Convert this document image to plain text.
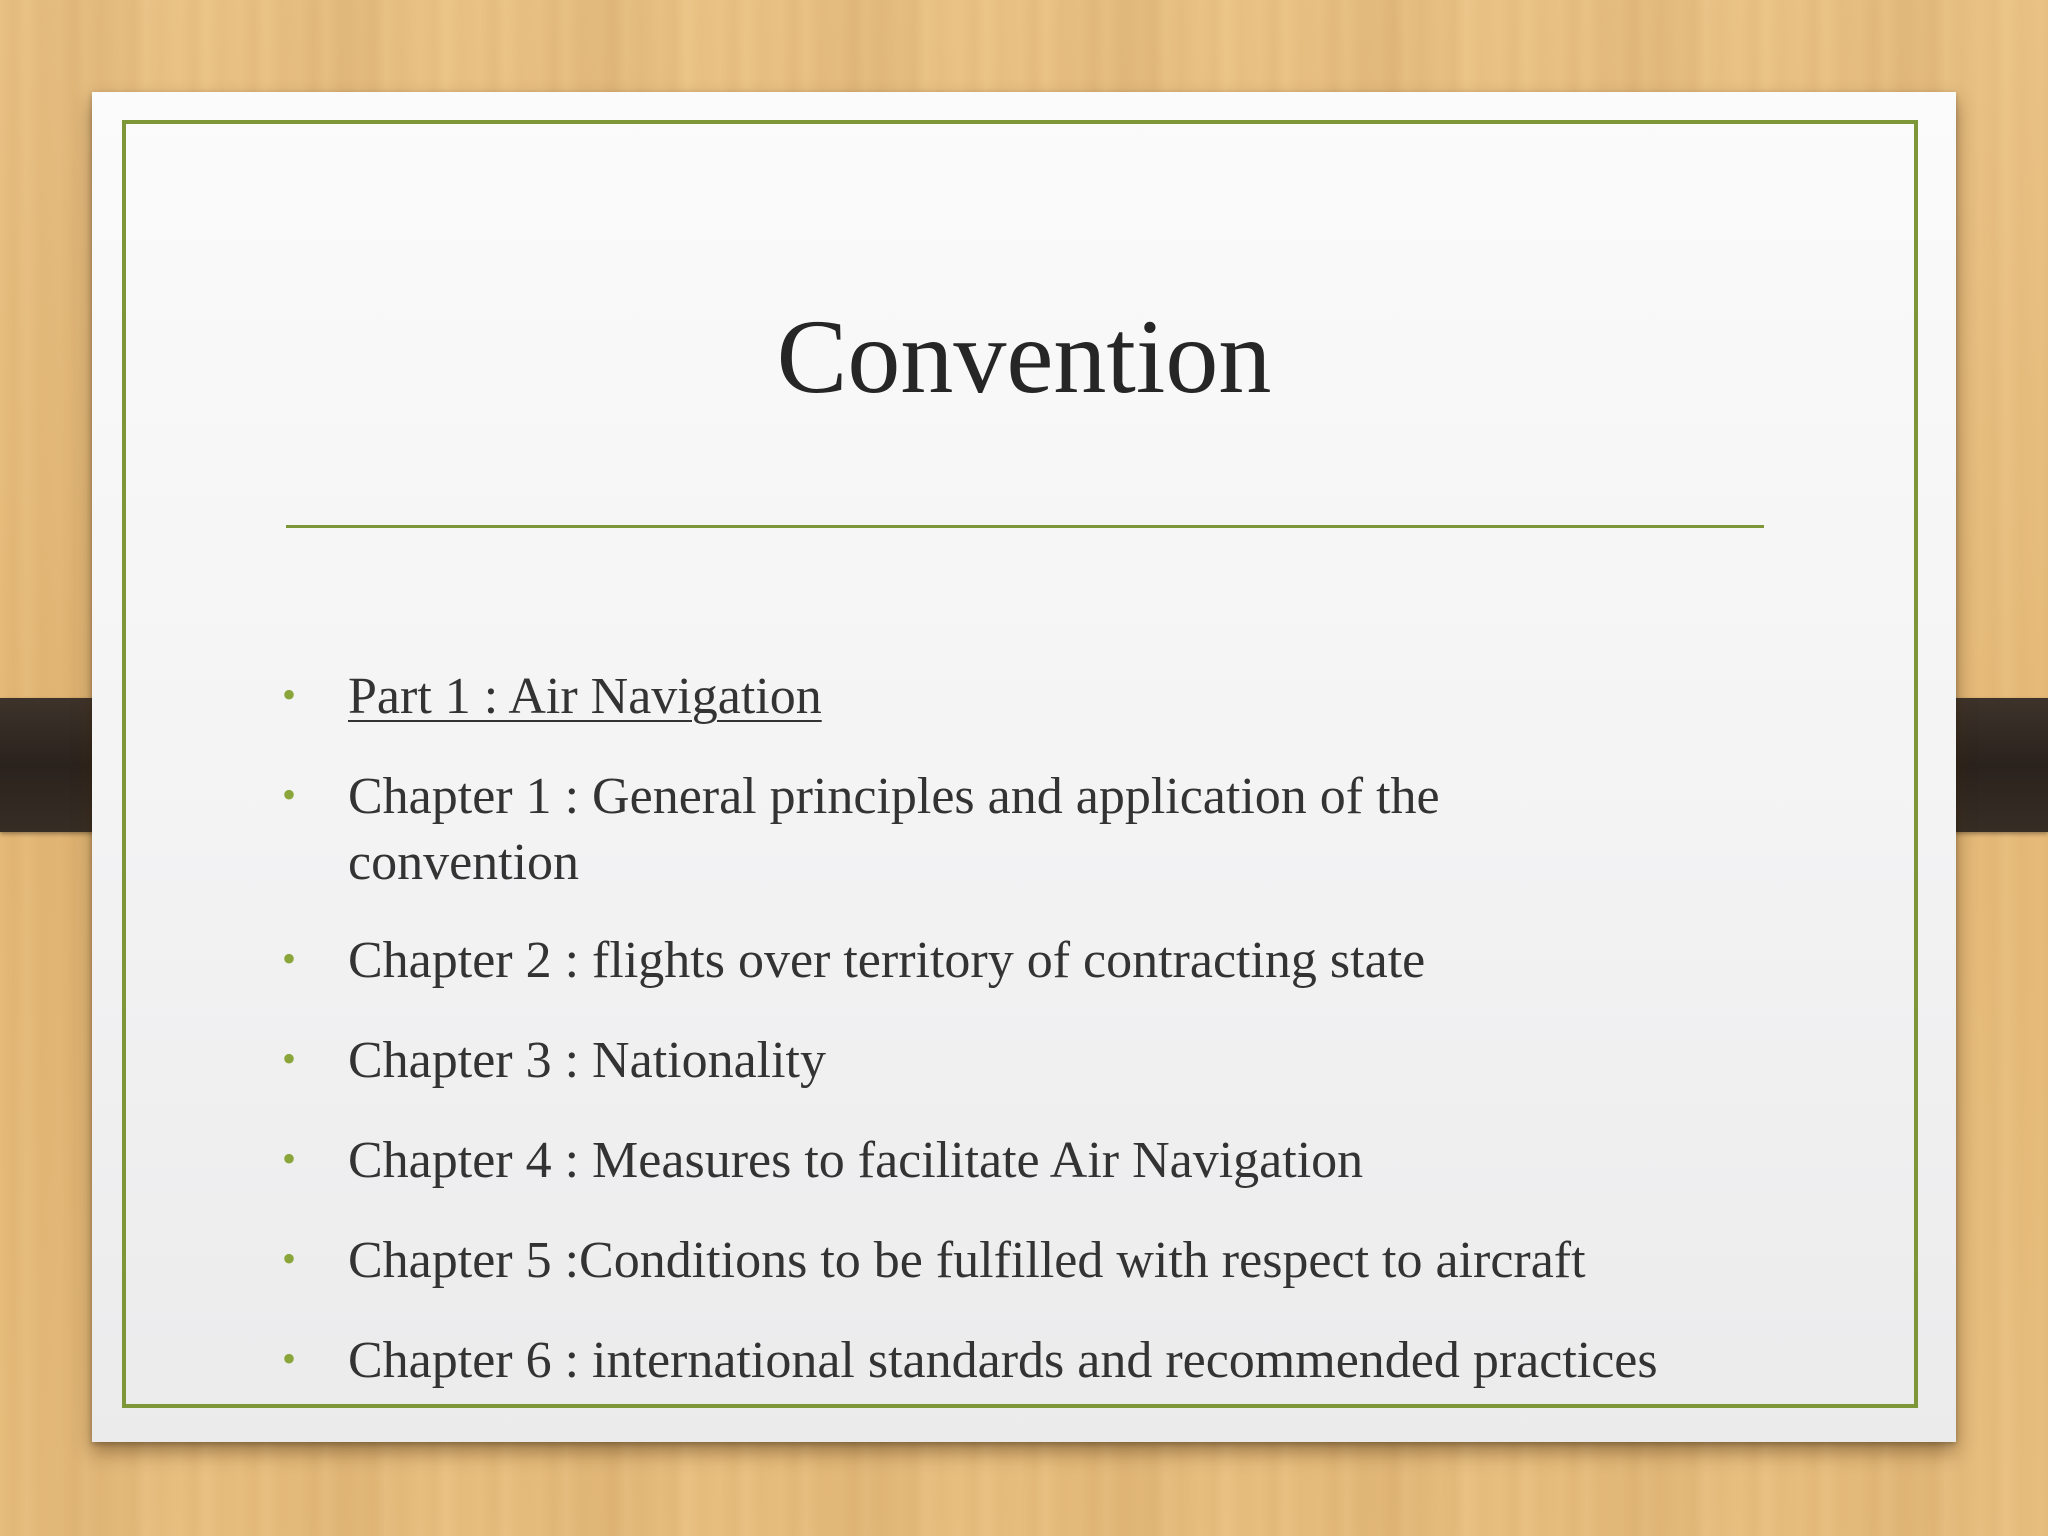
Convention
• Part 1 : Air Navigation
• Chapter 1 : General principles and application of the convention
• Chapter 2 : flights over territory of contracting state
• Chapter 3 : Nationality
• Chapter 4 : Measures to facilitate Air Navigation
• Chapter 5 :Conditions to be fulfilled with respect to aircraft
• Chapter 6 : international standards and recommended practices
